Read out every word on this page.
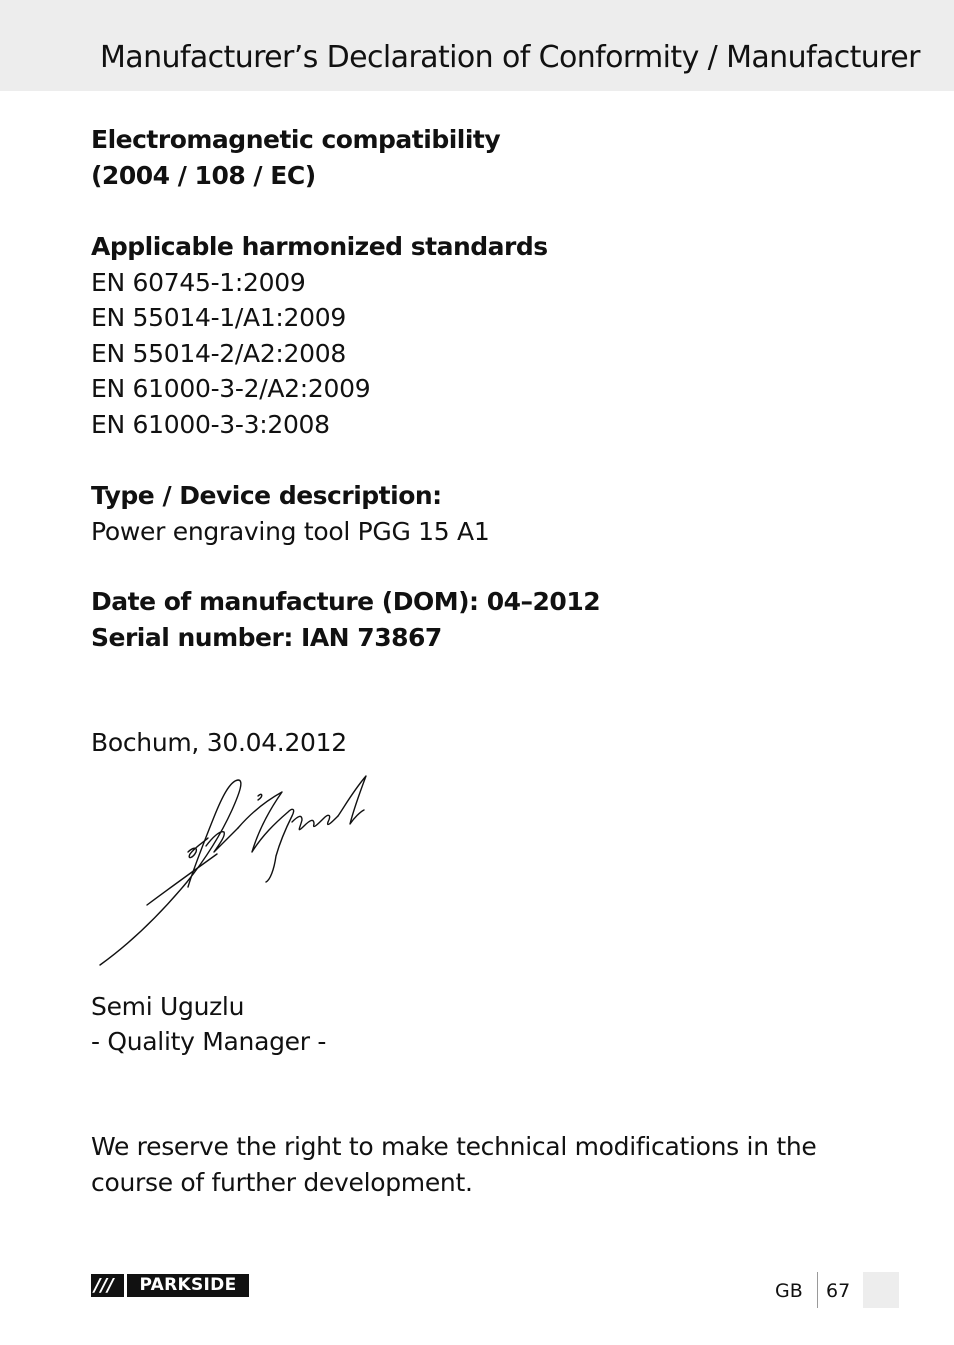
Manufacturer’s Declaration of Conformity / Manufacturer
Electromagnetic compatibility
(2004 / 108 / EC)
Applicable harmonized standards
EN 60745-1:2009
EN 55014-1/A1:2009
EN 55014-2/A2:2008
EN 61000-3-2/A2:2009
EN 61000-3-3:2008
Type / Device description:
Power engraving tool PGG 15 A1
Date of manufacture (DOM): 04–2012
Serial number: IAN 73867
Bochum, 30.04.2012
Semi Uguzlu
- Quality Manager -
We reserve the right to make technical modifications in the course of further development.
///	PARKSIDE	GB 67
